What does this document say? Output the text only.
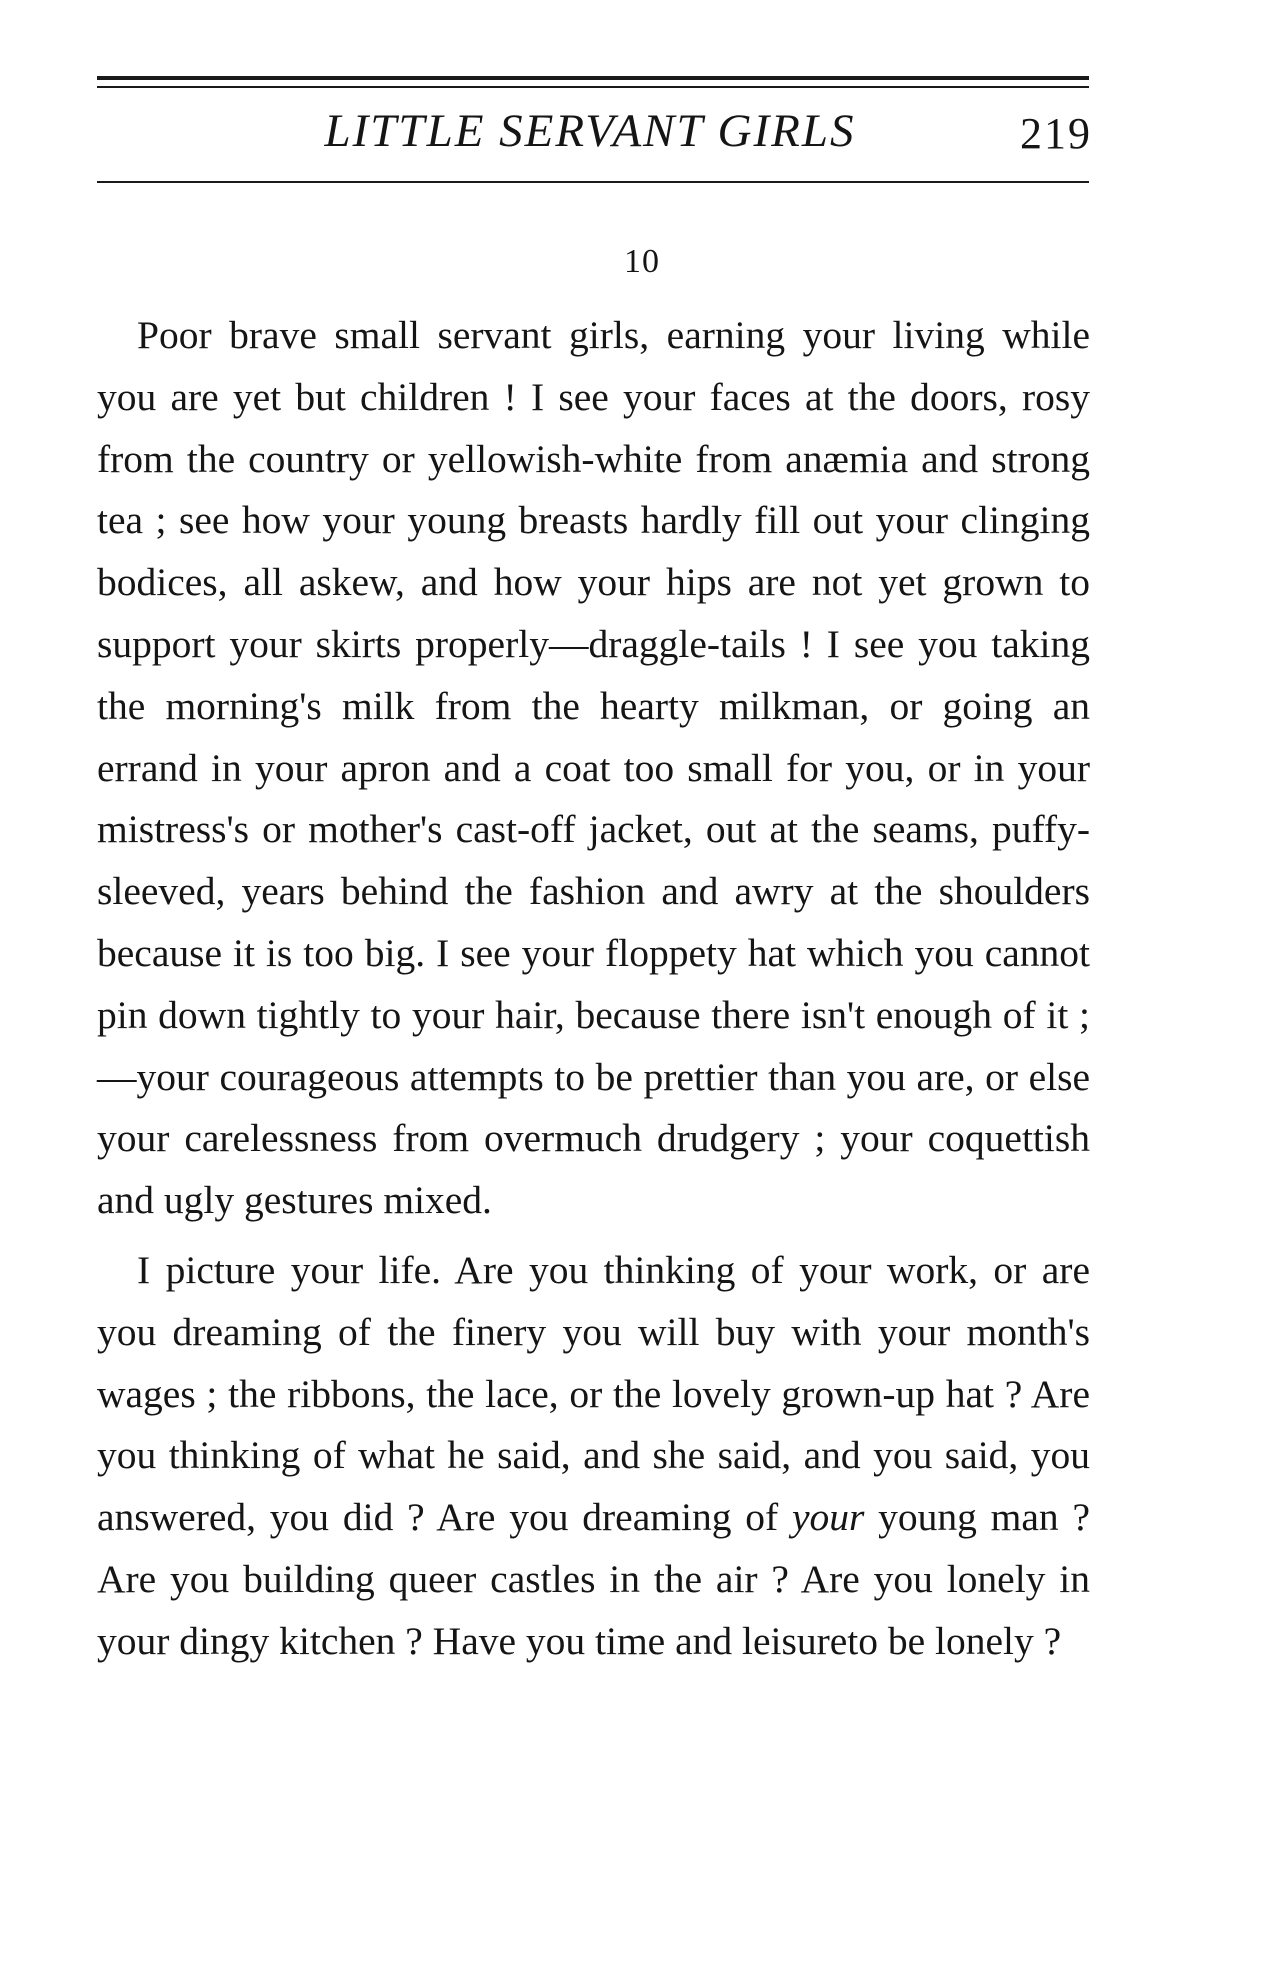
LITTLE SERVANT GIRLS	219
10

Poor brave small servant girls, earning your living while you are yet but children ! I see your faces at the doors, rosy from the country or yellowish-white from anæmia and strong tea ; see how your young breasts hardly fill out your clinging bodices, all askew, and how your hips are not yet grown to support your skirts properly—draggle-tails ! I see you taking the morning's milk from the hearty milkman, or going an errand in your apron and a coat too small for you, or in your mistress's or mother's cast-off jacket, out at the seams, puffy-sleeved, years behind the fashion and awry at the shoulders because it is too big. I see your floppety hat which you cannot pin down tightly to your hair, because there isn't enough of it ;—your courageous attempts to be prettier than you are, or else your carelessness from overmuch drudgery ; your coquettish and ugly gestures mixed.

I picture your life. Are you thinking of your work, or are you dreaming of the finery you will buy with your month's wages ; the ribbons, the lace, or the lovely grown-up hat ? Are you thinking of what he said, and she said, and you said, you answered, you did ? Are you dreaming of your young man ? Are you building queer castles in the air ? Are you lonely in your dingy kitchen ? Have you time and leisureto be lonely ?
